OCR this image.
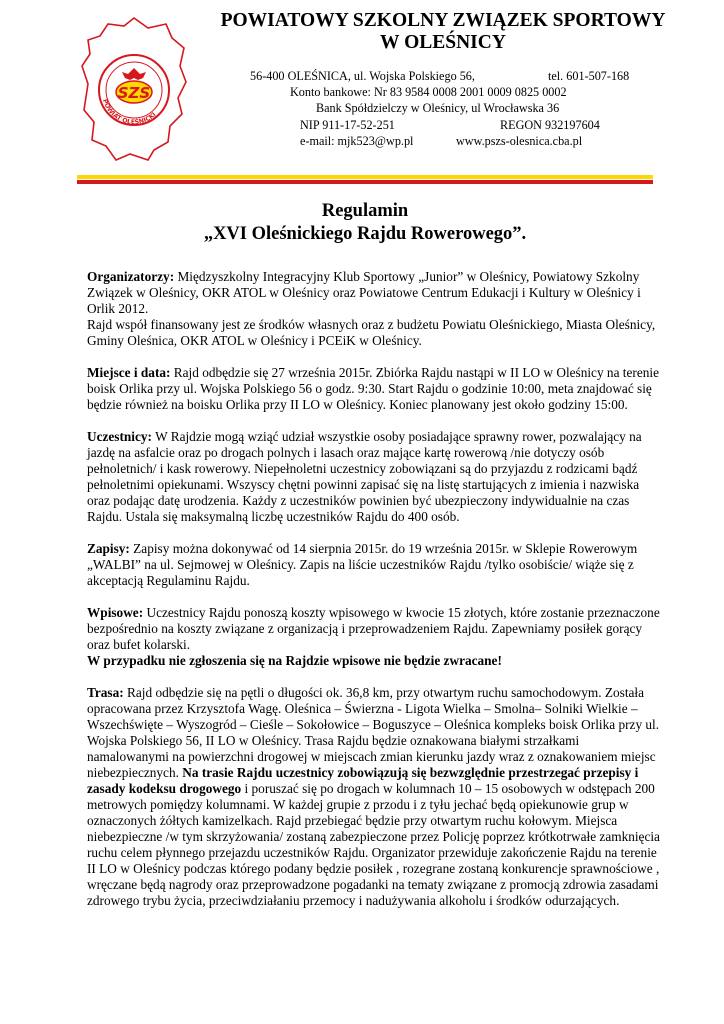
POWIAT OLEŚNICKI
SZS
POWIATOWY SZKOLNY ZWIĄZEK SPORTOWY
W OLEŚNICY
56-400 OLEŚNICA, ul. Wojska Polskiego 56,	tel. 601-507-168
Konto bankowe: Nr 83 9584 0008 2001 0009 0825 0002
Bank Spółdzielczy w Oleśnicy, ul Wrocławska 36
NIP 911-17-52-251	REGON 932197604
e-mail: mjk523@wp.pl	www.pszs-olesnica.cba.pl
Regulamin
„XVI Oleśnickiego Rajdu Rowerowego”.

Organizatorzy: Międzyszkolny Integracyjny Klub Sportowy „Junior” w Oleśnicy, Powiatowy Szkolny Związek w Oleśnicy, OKR ATOL w Oleśnicy oraz Powiatowe Centrum Edukacji i Kultury w Oleśnicy i Orlik 2012.
Rajd współ finansowany jest ze środków własnych oraz z budżetu Powiatu Oleśnickiego, Miasta Oleśnicy, Gminy Oleśnica, OKR ATOL w Oleśnicy i PCEiK w Oleśnicy.

Miejsce i data: Rajd odbędzie się 27 września 2015r. Zbiórka Rajdu nastąpi w II LO w Oleśnicy na terenie boisk Orlika przy ul. Wojska Polskiego 56 o godz. 9:30. Start Rajdu o godzinie 10:00, meta znajdować się będzie również na boisku Orlika przy II LO w Oleśnicy. Koniec planowany jest około godziny 15:00.

Uczestnicy: W Rajdzie mogą wziąć udział wszystkie osoby posiadające sprawny rower, pozwalający na jazdę na asfalcie oraz po drogach polnych i lasach oraz mające kartę rowerową /nie dotyczy osób pełnoletnich/ i kask rowerowy. Niepełnoletni uczestnicy zobowiązani są do przyjazdu z rodzicami bądź pełnoletnimi opiekunami. Wszyscy chętni powinni zapisać się na listę startujących z imienia i nazwiska oraz podając datę urodzenia. Każdy z uczestników powinien być ubezpieczony indywidualnie na czas Rajdu. Ustala się maksymalną liczbę uczestników Rajdu do 400 osób.

Zapisy: Zapisy można dokonywać od 14 sierpnia 2015r. do 19 września 2015r. w Sklepie Rowerowym „WALBI” na ul. Sejmowej w Oleśnicy. Zapis na liście uczestników Rajdu /tylko osobiście/ wiąże się z akceptacją Regulaminu Rajdu.

Wpisowe: Uczestnicy Rajdu ponoszą koszty wpisowego w kwocie 15 złotych, które zostanie przeznaczone bezpośrednio na koszty związane z organizacją i przeprowadzeniem Rajdu. Zapewniamy posiłek gorący oraz bufet kolarski.
W przypadku nie zgłoszenia się na Rajdzie wpisowe nie będzie zwracane!

Trasa: Rajd odbędzie się na pętli o długości ok. 36,8 km, przy otwartym ruchu samochodowym. Została opracowana przez Krzysztofa Wagę. Oleśnica – Świerzna - Ligota Wielka – Smolna– Solniki Wielkie – Wszechświęte – Wyszogród – Cieśle – Sokołowice – Boguszyce – Oleśnica kompleks boisk Orlika przy ul. Wojska Polskiego 56, II LO w Oleśnicy. Trasa Rajdu będzie oznakowana białymi strzałkami namalowanymi na powierzchni drogowej w miejscach zmian kierunku jazdy wraz z oznakowaniem miejsc niebezpiecznych. Na trasie Rajdu uczestnicy zobowiązują się bezwzględnie przestrzegać przepisy i zasady kodeksu drogowego i poruszać się po drogach w kolumnach 10 – 15 osobowych w odstępach 200 metrowych pomiędzy kolumnami. W każdej grupie z przodu i z tyłu jechać będą opiekunowie grup w oznaczonych żółtych kamizelkach. Rajd przebiegać będzie przy otwartym ruchu kołowym. Miejsca niebezpieczne /w tym skrzyżowania/ zostaną zabezpieczone przez Policję poprzez krótkotrwałe zamknięcia ruchu celem płynnego przejazdu uczestników Rajdu. Organizator przewiduje zakończenie Rajdu na terenie II LO w Oleśnicy podczas którego podany będzie posiłek , rozegrane zostaną konkurencje sprawnościowe , wręczane będą nagrody oraz przeprowadzone pogadanki na tematy związane z promocją zdrowia zasadami zdrowego trybu życia, przeciwdziałaniu przemocy i nadużywania alkoholu i środków odurzających.
